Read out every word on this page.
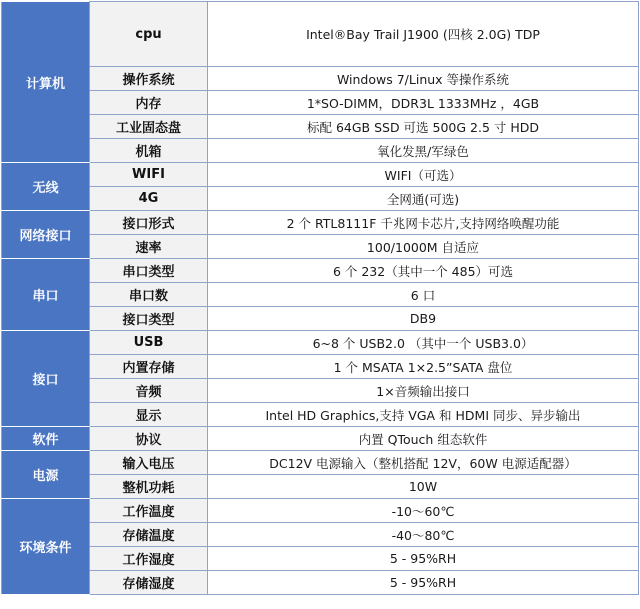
计算机	cpu	Intel®Bay Trail J1900 (四核 2.0G) TDP
	操作系统	Windows 7/Linux 等操作系统
	内存	1*SO-DIMM，DDR3L 1333MHz ，4GB
	工业固态盘	标配 64GB SSD 可选 500G 2.5 寸 HDD
	机箱	氧化发黑/军绿色
无线	WIFI	WIFI（可选）
	4G	全网通(可选)
网络接口	接口形式	2 个 RTL8111F 千兆网卡芯片,支持网络唤醒功能
	速率	100/1000M 自适应
串口	串口类型	6 个 232（其中一个 485）可选
	串口数	6 口
	接口类型	DB9
接口	USB	6~8 个 USB2.0 （其中一个 USB3.0）
	内置存储	1 个 MSATA 1×2.5”SATA 盘位
	音频	1×音频输出接口
	显示	Intel HD Graphics,支持 VGA 和 HDMI 同步、异步输出
软件	协议	内置 QTouch 组态软件
电源	输入电压	DC12V 电源输入（整机搭配 12V，60W 电源适配器）
	整机功耗	10W
环境条件	工作温度	-10～60℃
	存储温度	-40～80℃
	工作湿度	5 - 95%RH
	存储湿度	5 - 95%RH
